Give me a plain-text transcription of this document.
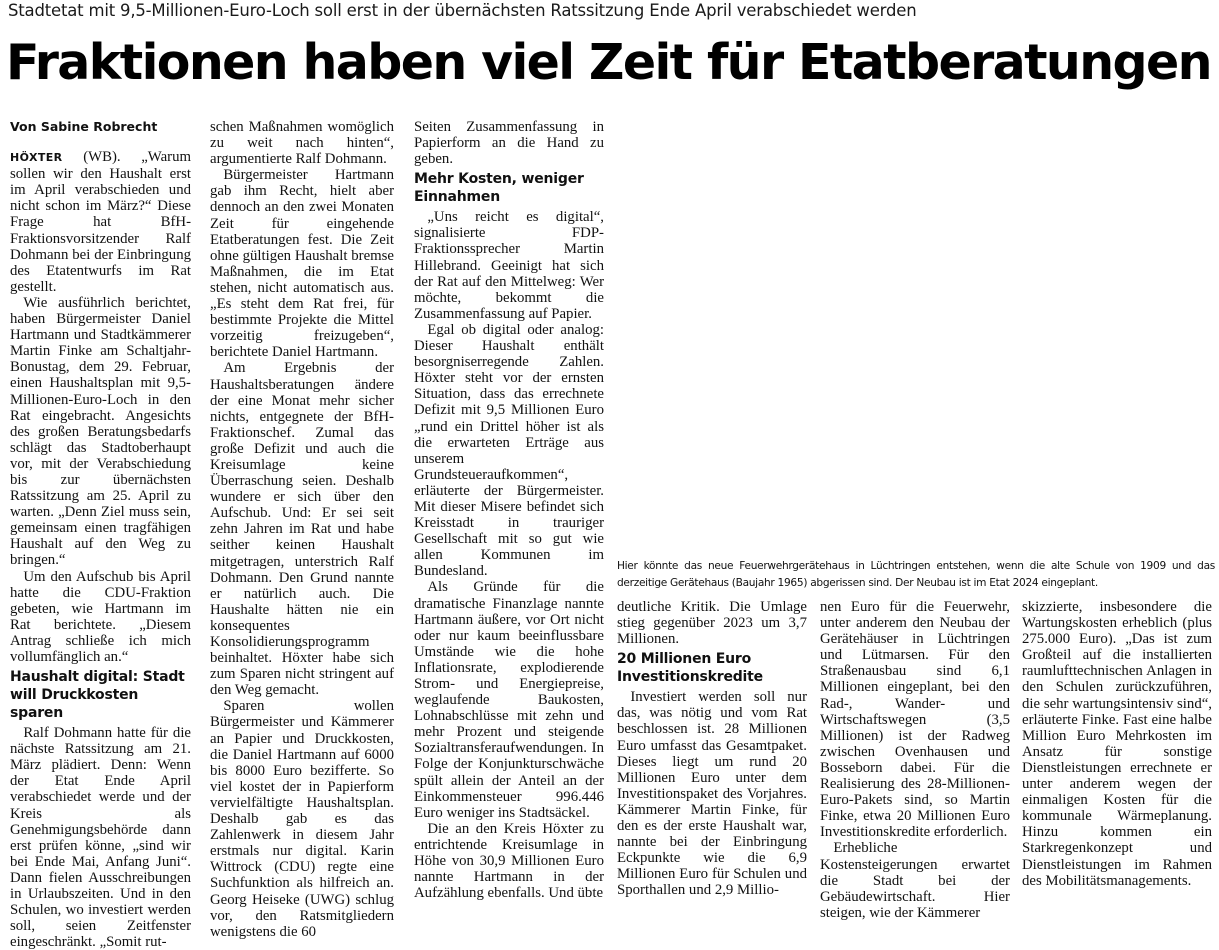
Stadtetat mit 9,5-Millionen-Euro-Loch soll erst in der übernächsten Ratssitzung Ende April verabschiedet werden
Fraktionen haben viel Zeit für Etatberatungen
Von Sabine Robrecht

HÖXTER (WB). „Warum sollen wir den Haushalt erst im April verabschieden und nicht schon im März?“ Diese Frage hat BfH-Fraktionsvorsitzender Ralf Dohmann bei der Einbringung des Etatentwurfs im Rat gestellt.

Wie ausführlich berichtet, haben Bürgermeister Daniel Hartmann und Stadtkämmerer Martin Finke am Schaltjahr-Bonustag, dem 29. Februar, einen Haushaltsplan mit 9,5-Millionen-Euro-Loch in den Rat eingebracht. Angesichts des großen Beratungsbedarfs schlägt das Stadtoberhaupt vor, mit der Verabschiedung bis zur übernächsten Ratssitzung am 25. April zu warten. „Denn Ziel muss sein, gemeinsam einen tragfähigen Haushalt auf den Weg zu bringen.“

Um den Aufschub bis April hatte die CDU-Fraktion gebeten, wie Hartmann im Rat berichtete. „Diesem Antrag schließe ich mich vollumfänglich an.“

Haushalt digital: Stadt will Druckkosten sparen

Ralf Dohmann hatte für die nächste Ratssitzung am 21. März plädiert. Denn: Wenn der Etat Ende April verabschiedet werde und der Kreis als Genehmigungsbehörde dann erst prüfen könne, „sind wir bei Ende Mai, Anfang Juni“. Dann fielen Ausschreibungen in Urlaubszeiten. Und in den Schulen, wo investiert werden soll, seien Zeitfenster eingeschränkt. „Somit rut-

schen Maßnahmen womöglich zu weit nach hinten“, argumentierte Ralf Dohmann.

Bürgermeister Hartmann gab ihm Recht, hielt aber dennoch an den zwei Monaten Zeit für eingehende Etatberatungen fest. Die Zeit ohne gültigen Haushalt bremse Maßnahmen, die im Etat stehen, nicht automatisch aus. „Es steht dem Rat frei, für bestimmte Projekte die Mittel vorzeitig freizugeben“, berichtete Daniel Hartmann.

Am Ergebnis der Haushaltsberatungen ändere der eine Monat mehr sicher nichts, entgegnete der BfH-Fraktionschef. Zumal das große Defizit und auch die Kreisumlage keine Überraschung seien. Deshalb wundere er sich über den Aufschub. Und: Er sei seit zehn Jahren im Rat und habe seither keinen Haushalt mitgetragen, unterstrich Ralf Dohmann. Den Grund nannte er natürlich auch. Die Haushalte hätten nie ein konsequentes Konsolidierungsprogramm beinhaltet. Höxter habe sich zum Sparen nicht stringent auf den Weg gemacht.

Sparen wollen Bürgermeister und Kämmerer an Papier und Druckkosten, die Daniel Hartmann auf 6000 bis 8000 Euro bezifferte. So viel kostet der in Papierform vervielfältigte Haushaltsplan. Deshalb gab es das Zahlenwerk in diesem Jahr erstmals nur digital. Karin Wittrock (CDU) regte eine Suchfunktion als hilfreich an. Georg Heiseke (UWG) schlug vor, den Ratsmitgliedern wenigstens die 60

Seiten Zusammenfassung in Papierform an die Hand zu geben.

Mehr Kosten, weniger Einnahmen

„Uns reicht es digital“, signalisierte FDP-Fraktionssprecher Martin Hillebrand. Geeinigt hat sich der Rat auf den Mittelweg: Wer möchte, bekommt die Zusammenfassung auf Papier.

Egal ob digital oder analog: Dieser Haushalt enthält besorgniserregende Zahlen. Höxter steht vor der ernsten Situation, dass das errechnete Defizit mit 9,5 Millionen Euro „rund ein Drittel höher ist als die erwarteten Erträge aus unserem Grundsteueraufkommen“, erläuterte der Bürgermeister. Mit dieser Misere befindet sich Kreisstadt in trauriger Gesellschaft mit so gut wie allen Kommunen im Bundesland.

Als Gründe für die dramatische Finanzlage nannte Hartmann äußere, vor Ort nicht oder nur kaum beeinflussbare Umstände wie die hohe Inflationsrate, explodierende Strom- und Energiepreise, weglaufende Baukosten, Lohnabschlüsse mit zehn und mehr Prozent und steigende Sozialtransferaufwendungen. In Folge der Konjunkturschwäche spült allein der Anteil an der Einkommensteuer 996.446 Euro weniger ins Stadtsäckel.

Die an den Kreis Höxter zu entrichtende Kreisumlage in Höhe von 30,9 Millionen Euro nannte Hartmann in der Aufzählung ebenfalls. Und übte

Hier könnte das neue Feuerwehrgerätehaus in Lüchtringen entstehen, wenn die alte Schule von 1909 und das derzeitige Gerätehaus (Baujahr 1965) abgerissen sind. Der Neubau ist im Etat 2024 eingeplant.

deutliche Kritik. Die Umlage stieg gegenüber 2023 um 3,7 Millionen.

20 Millionen Euro Investitionskredite

Investiert werden soll nur das, was nötig und vom Rat beschlossen ist. 28 Millionen Euro umfasst das Gesamtpaket. Dieses liegt um rund 20 Millionen Euro unter dem Investitionspaket des Vorjahres. Kämmerer Martin Finke, für den es der erste Haushalt war, nannte bei der Einbringung Eckpunkte wie die 6,9 Millionen Euro für Schulen und Sporthallen und 2,9 Millio-

nen Euro für die Feuerwehr, unter anderem den Neubau der Gerätehäuser in Lüchtringen und Lütmarsen. Für den Straßenausbau sind 6,1 Millionen eingeplant, bei den Rad-, Wander- und Wirtschaftswegen (3,5 Millionen) ist der Radweg zwischen Ovenhausen und Bosseborn dabei. Für die Realisierung des 28-Millionen-Euro-Pakets sind, so Martin Finke, etwa 20 Millionen Euro Investitionskredite erforderlich.

Erhebliche Kostensteigerungen erwartet die Stadt bei der Gebäudewirtschaft. Hier steigen, wie der Kämmerer

skizzierte, insbesondere die Wartungskosten erheblich (plus 275.000 Euro). „Das ist zum Großteil auf die installierten raumlufttechnischen Anlagen in den Schulen zurückzuführen, die sehr wartungsintensiv sind“, erläuterte Finke. Fast eine halbe Million Euro Mehrkosten im Ansatz für sonstige Dienstleistungen errechnete er unter anderem wegen der einmaligen Kosten für die kommunale Wärmeplanung. Hinzu kommen ein Starkregenkonzept und Dienstleistungen im Rahmen des Mobilitätsmanagements.
